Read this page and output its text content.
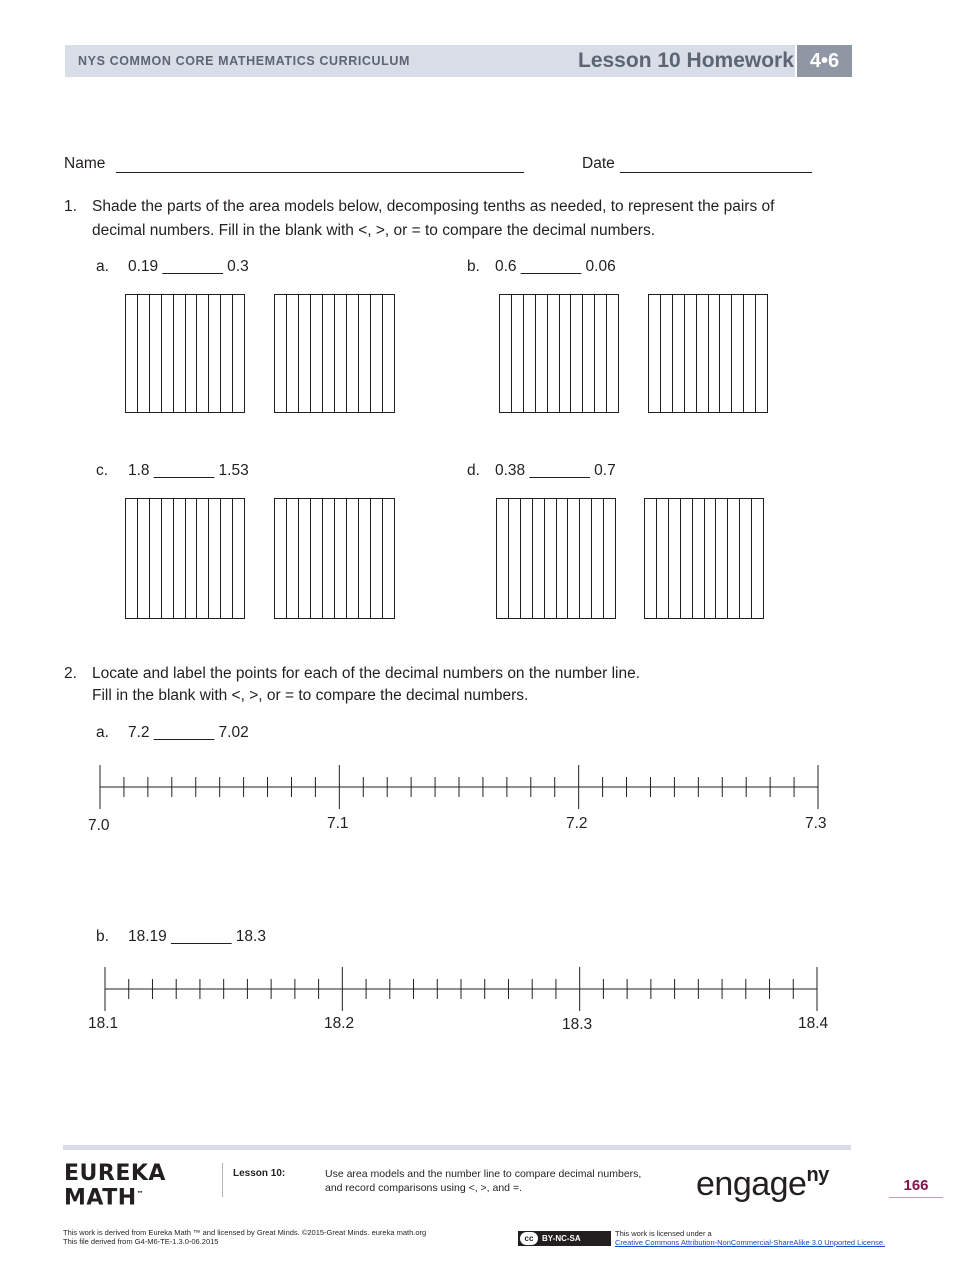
NYS COMMON CORE MATHEMATICS CURRICULUM	Lesson 10 Homework 4•6
Name	Date
1. Shade the parts of the area models below, decomposing tenths as needed, to represent the pairs of
decimal numbers. Fill in the blank with <, >, or = to compare the decimal numbers.
a. 0.19 _______ 0.3	b. 0.6 _______ 0.06
c. 1.8 _______ 1.53	d. 0.38 _______ 0.7
2. Locate and label the points for each of the decimal numbers on the number line.
Fill in the blank with <, >, or = to compare the decimal numbers.
a. 7.2 _______ 7.02
7.0	7.1	7.2	7.3
b. 18.19 _______ 18.3
18.1	18.2	18.3	18.4
EUREKA
MATH™
Lesson 10:	Use area models and the number line to compare decimal numbers,
and record comparisons using <, >, and =.	engage$^{ny}$	166
This work is derived from Eureka Math ™ and licensed by Great Minds. ©2015-Great Minds. eureka math.org
This file derived from G4-M6-TE-1.3.0-06.2015	cc	BY-NC-SA
This work is licensed under a
Creative Commons Attribution-NonCommercial-ShareAlike 3.0 Unported License.
